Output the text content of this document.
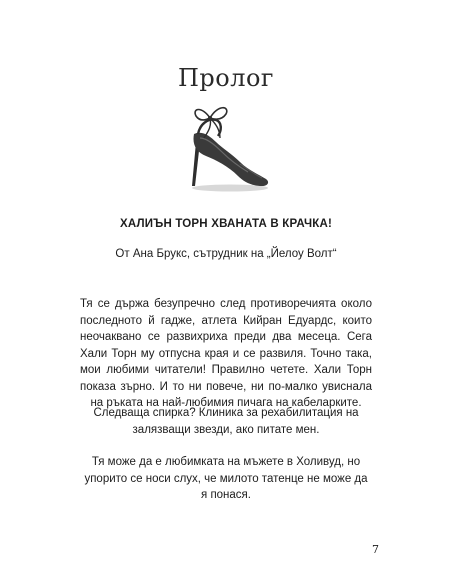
Пролог
ХАЛИЪН ТОРН ХВАНАТА В КРАЧКА!
От Ана Брукс, сътрудник на „Йелоу Волт“

Тя се държа безупречно след противоречията около последното й гадже, атлета Кийран Едуардс, които неочаквано се развихриха преди два месеца. Сега Хали Торн му отпусна края и се развиля. Точно така, мои любими читатели! Правилно четете. Хали Торн показа зърно. И то ни повече, ни по-малко увиснала на ръката на най-любимия пичага на кабеларките.

Следваща спирка? Клиника за рехабилитация на залязващи звезди, ако питате мен.

Тя може да е любимката на мъжете в Холивуд, но упорито се носи слух, че милото татенце не може да я понася.

7
